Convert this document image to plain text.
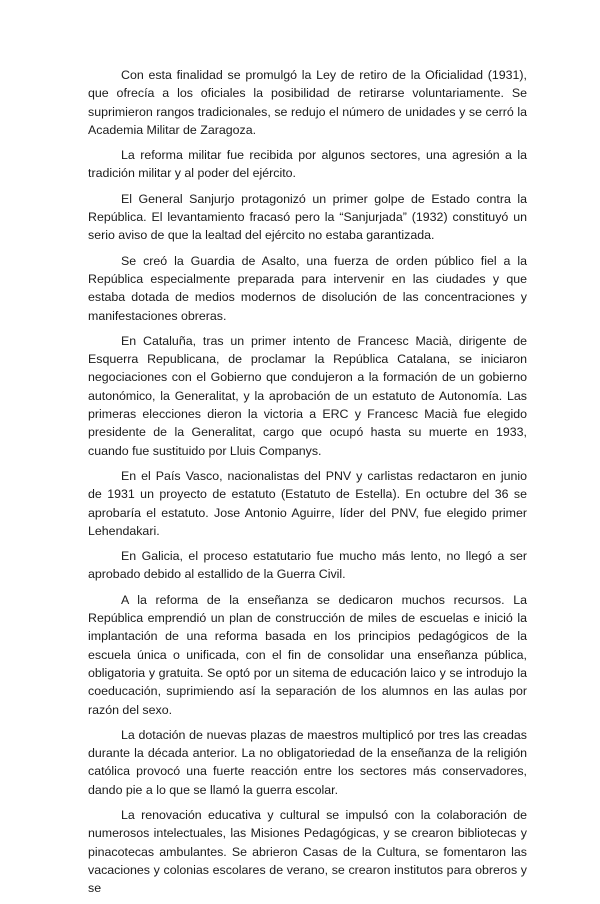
Con esta finalidad se promulgó la Ley de retiro de la Oficialidad (1931), que ofrecía a los oficiales la posibilidad de retirarse voluntariamente. Se suprimieron rangos tradicionales, se redujo el número de unidades y se cerró la Academia Militar de Zaragoza.

La reforma militar fue recibida por algunos sectores, una agresión a la tradición militar y al poder del ejército.

El General Sanjurjo protagonizó un primer golpe de Estado contra la República. El levantamiento fracasó pero la “Sanjurjada” (1932) constituyó un serio aviso de que la lealtad del ejército no estaba garantizada.

Se creó la Guardia de Asalto, una fuerza de orden público fiel a la República especialmente preparada para intervenir en las ciudades y que estaba dotada de medios modernos de disolución de las concentraciones y manifestaciones obreras.

En Cataluña, tras un primer intento de Francesc Macià, dirigente de Esquerra Republicana, de proclamar la República Catalana, se iniciaron negociaciones con el Gobierno que condujeron a la formación de un gobierno autonómico, la Generalitat, y la aprobación de un estatuto de Autonomía. Las primeras elecciones dieron la victoria a ERC y Francesc Macià fue elegido presidente de la Generalitat, cargo que ocupó hasta su muerte en 1933, cuando fue sustituido por Lluis Companys.

En el País Vasco, nacionalistas del PNV y carlistas redactaron en junio de 1931 un proyecto de estatuto (Estatuto de Estella). En octubre del 36 se aprobaría el estatuto. Jose Antonio Aguirre, líder del PNV, fue elegido primer Lehendakari.

En Galicia, el proceso estatutario fue mucho más lento, no llegó a ser aprobado debido al estallido de la Guerra Civil.

A la reforma de la enseñanza se dedicaron muchos recursos. La República emprendió un plan de construcción de miles de escuelas e inició la implantación de una reforma basada en los principios pedagógicos de la escuela única o unificada, con el fin de consolidar una enseñanza pública, obligatoria y gratuita. Se optó por un sitema de educación laico y se introdujo la coeducación, suprimiendo así la separación de los alumnos en las aulas por razón del sexo.

La dotación de nuevas plazas de maestros multiplicó por tres las creadas durante la década anterior. La no obligatoriedad de la enseñanza de la religión católica provocó una fuerte reacción entre los sectores más conservadores, dando pie a lo que se llamó la guerra escolar.

La renovación educativa y cultural se impulsó con la colaboración de numerosos intelectuales, las Misiones Pedagógicas, y se crearon bibliotecas y pinacotecas ambulantes. Se abrieron Casas de la Cultura, se fomentaron las vacaciones y colonias escolares de verano, se crearon institutos para obreros y se
